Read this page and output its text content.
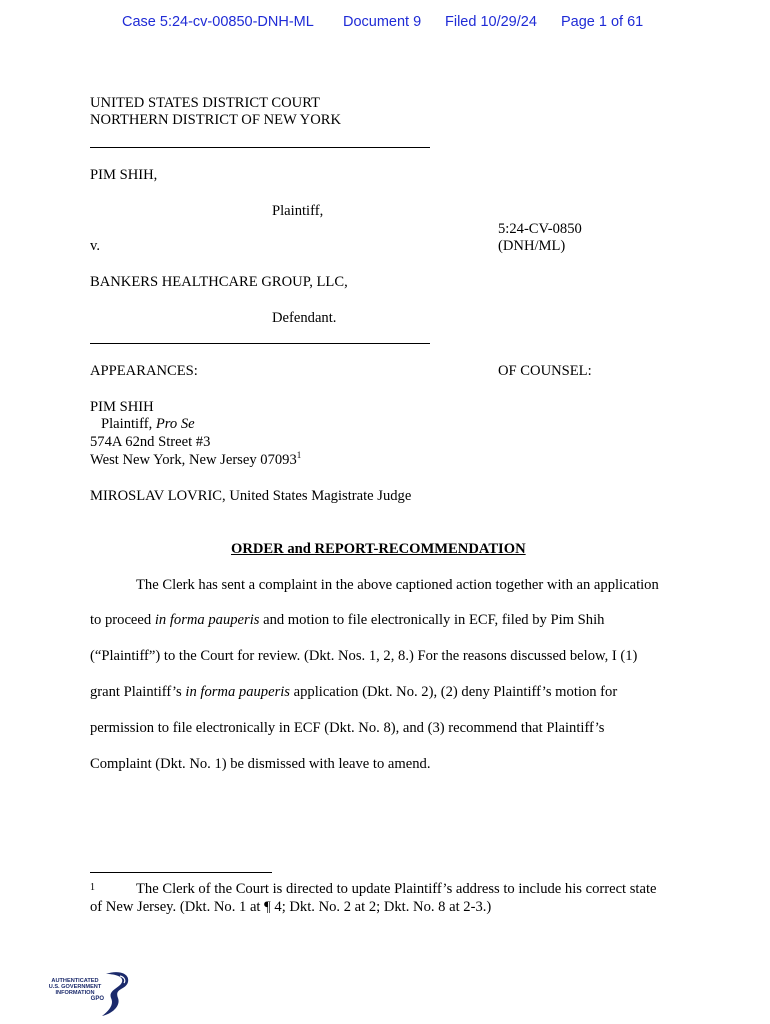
Case 5:24-cv-00850-DNH-ML Document 9 Filed 10/29/24 Page 1 of 61
UNITED STATES DISTRICT COURT
NORTHERN DISTRICT OF NEW YORK
PIM SHIH,
Plaintiff,
5:24-CV-0850
(DNH/ML)
v.
BANKERS HEALTHCARE GROUP, LLC,
Defendant.
APPEARANCES:	OF COUNSEL:
PIM SHIH
Plaintiff, Pro Se
574A 62nd Street #3
West New York, New Jersey 07093$^1$
MIROSLAV LOVRIC, United States Magistrate Judge
ORDER and REPORT-RECOMMENDATION
The Clerk has sent a complaint in the above captioned action together with an application
to proceed in forma pauperis and motion to file electronically in ECF, filed by Pim Shih
(“Plaintiff”) to the Court for review. (Dkt. Nos. 1, 2, 8.) For the reasons discussed below, I (1)
grant Plaintiff’s in forma pauperis application (Dkt. No. 2), (2) deny Plaintiff’s motion for
permission to file electronically in ECF (Dkt. No. 8), and (3) recommend that Plaintiff’s
Complaint (Dkt. No. 1) be dismissed with leave to amend.
1	The Clerk of the Court is directed to update Plaintiff’s address to include his correct state
of New Jersey. (Dkt. No. 1 at ¶ 4; Dkt. No. 2 at 2; Dkt. No. 8 at 2-3.)
AUTHENTICATED
U.S. GOVERNMENT
INFORMATION
GPO
